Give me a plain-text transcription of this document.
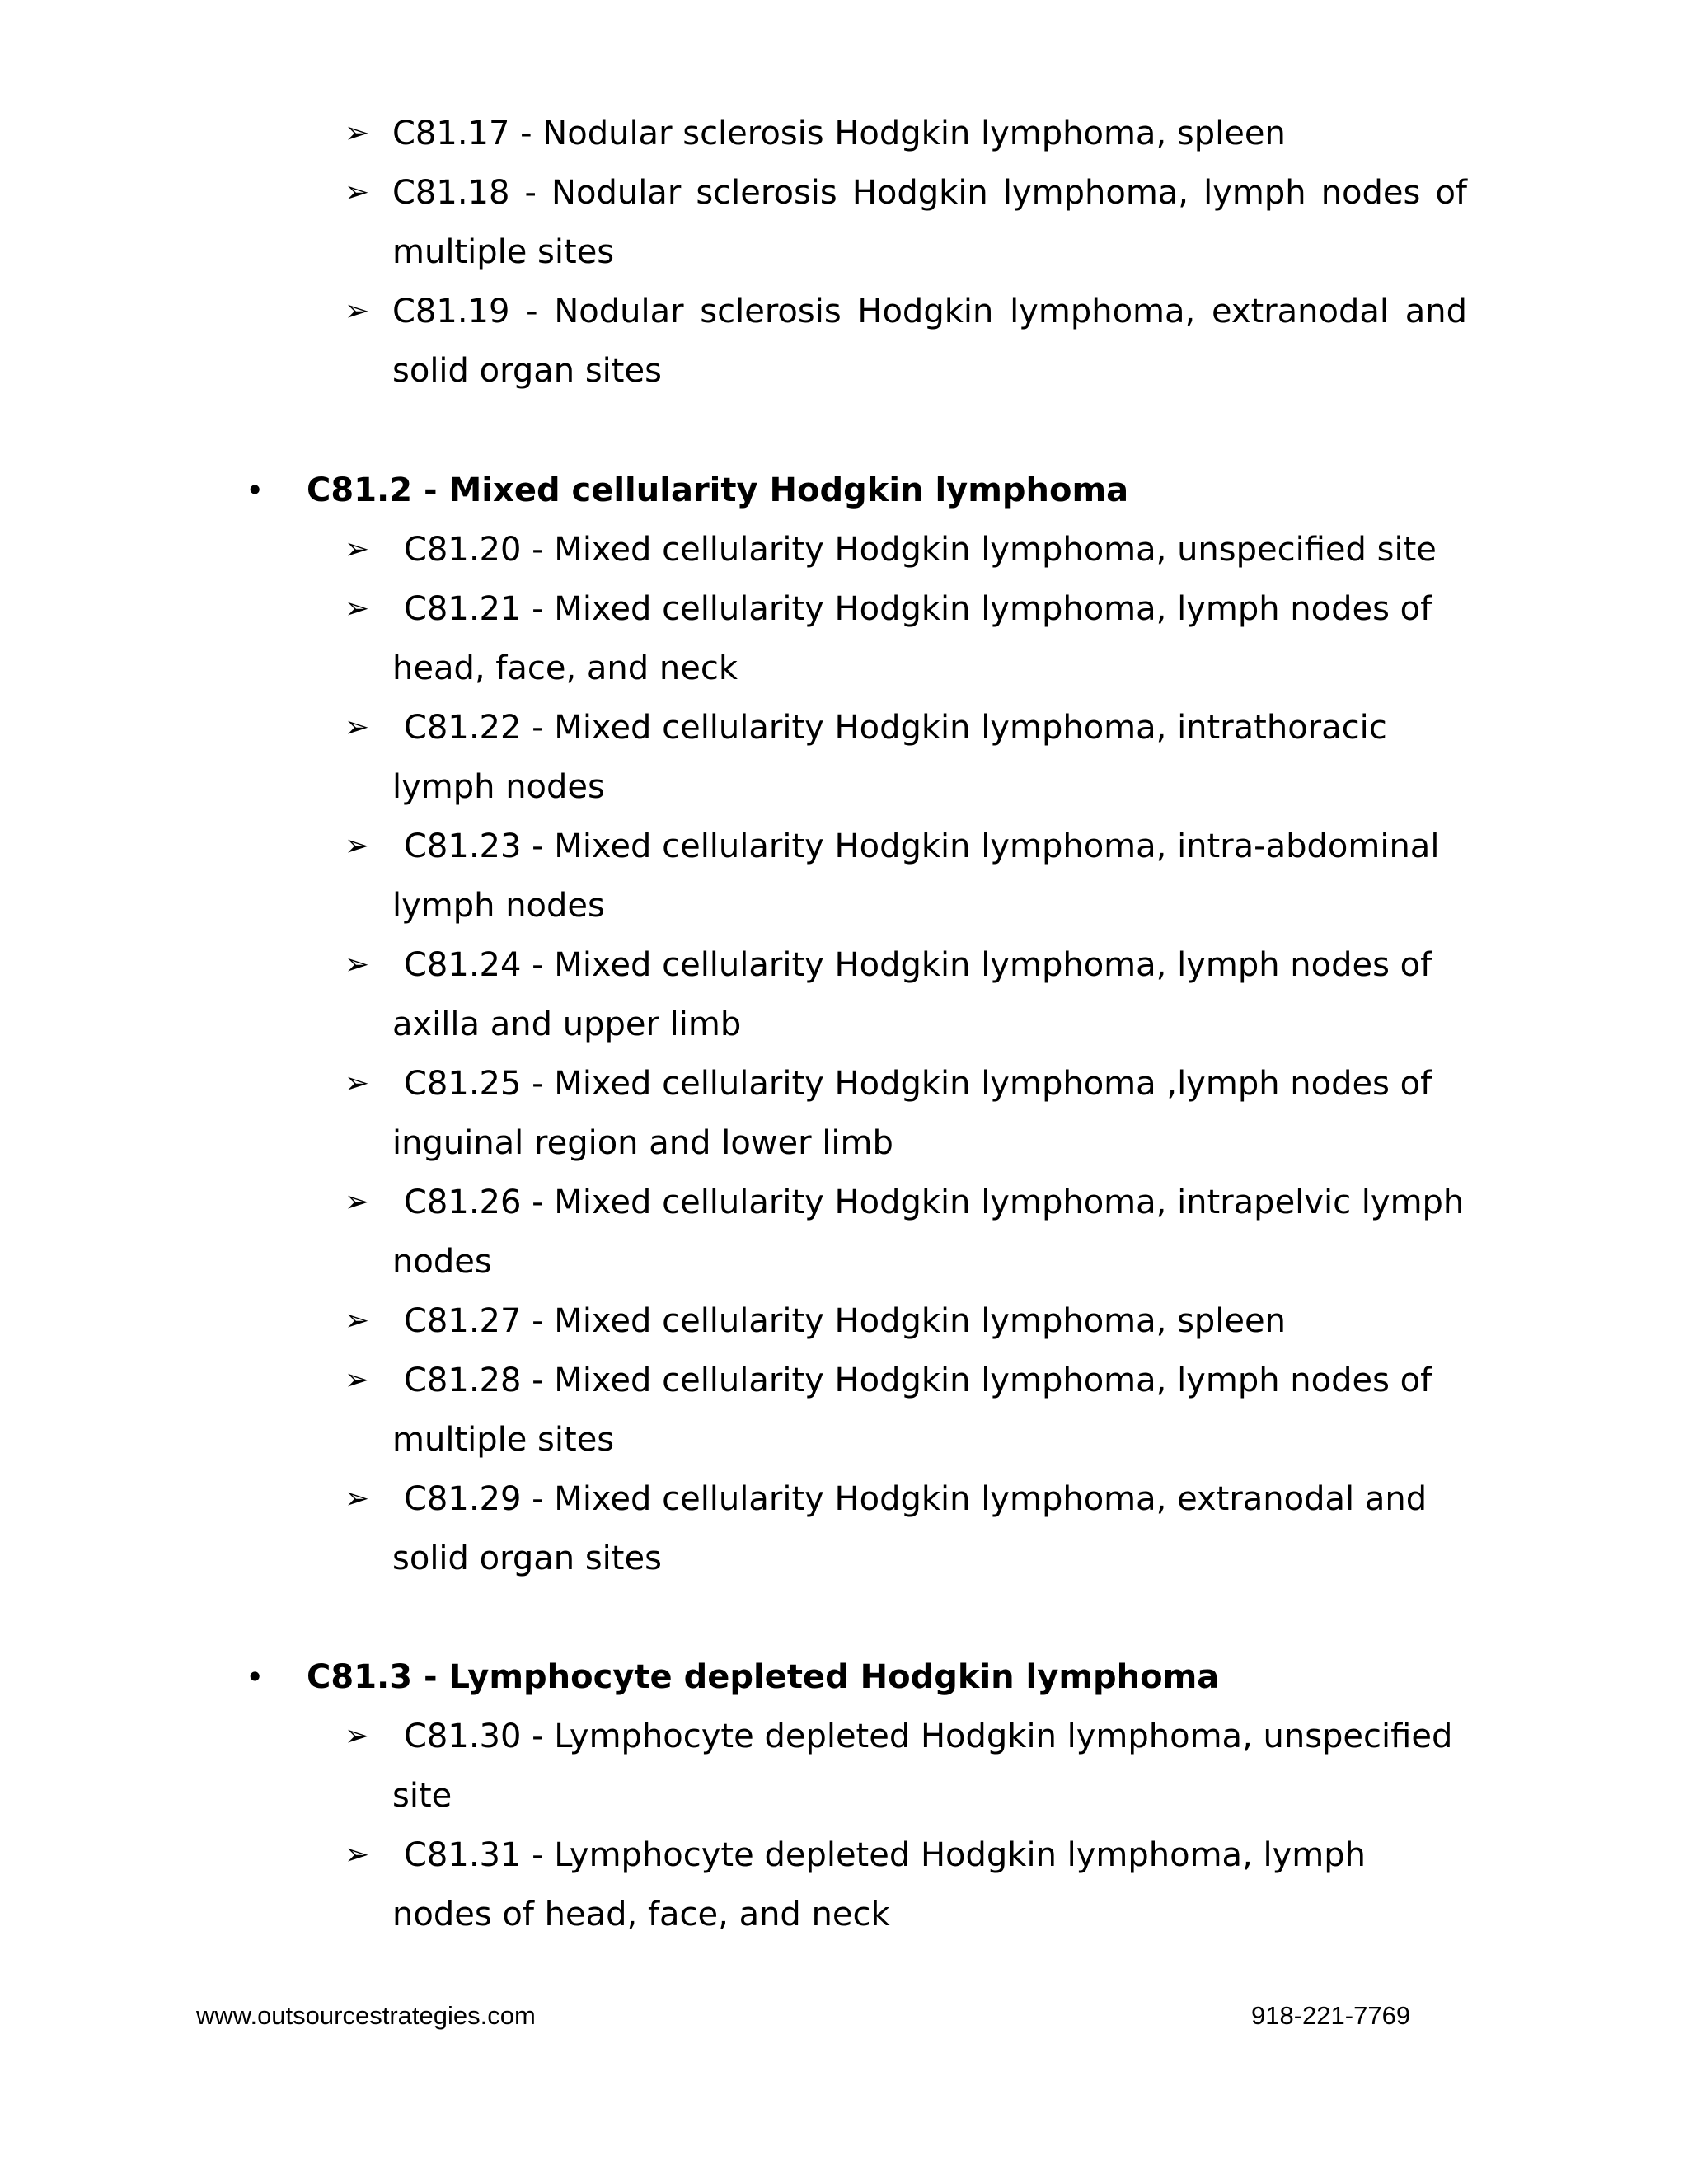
➢ C81.17 - Nodular sclerosis Hodgkin lymphoma, spleen
➢ C81.18 - Nodular sclerosis Hodgkin lymphoma, lymph nodes of
multiple sites
➢ C81.19 - Nodular sclerosis Hodgkin lymphoma, extranodal and
solid organ sites
• C81.2 - Mixed cellularity Hodgkin lymphoma
➢ C81.20 - Mixed cellularity Hodgkin lymphoma, unspecified site
➢ C81.21 - Mixed cellularity Hodgkin lymphoma, lymph nodes of
head, face, and neck
➢ C81.22 - Mixed cellularity Hodgkin lymphoma, intrathoracic
lymph nodes
➢ C81.23 - Mixed cellularity Hodgkin lymphoma, intra-abdominal
lymph nodes
➢ C81.24 - Mixed cellularity Hodgkin lymphoma, lymph nodes of
axilla and upper limb
➢ C81.25 - Mixed cellularity Hodgkin lymphoma ,lymph nodes of
inguinal region and lower limb
➢ C81.26 - Mixed cellularity Hodgkin lymphoma, intrapelvic lymph
nodes
➢ C81.27 - Mixed cellularity Hodgkin lymphoma, spleen
➢ C81.28 - Mixed cellularity Hodgkin lymphoma, lymph nodes of
multiple sites
➢ C81.29 - Mixed cellularity Hodgkin lymphoma, extranodal and
solid organ sites
• C81.3 - Lymphocyte depleted Hodgkin lymphoma
➢ C81.30 - Lymphocyte depleted Hodgkin lymphoma, unspecified
site
➢ C81.31 - Lymphocyte depleted Hodgkin lymphoma, lymph
nodes of head, face, and neck
www.outsourcestrategies.com	918-221-7769
